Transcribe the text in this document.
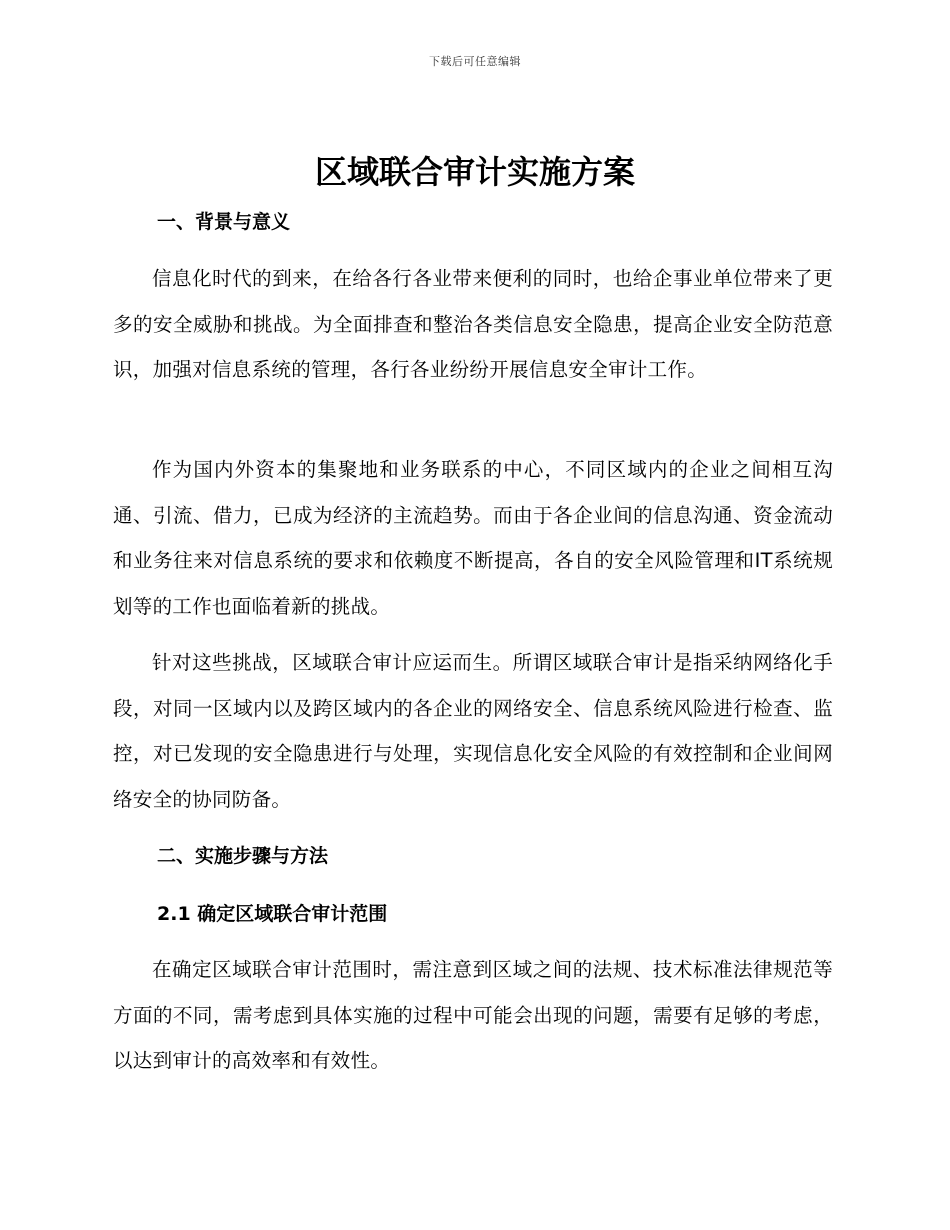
下载后可任意编辑
区域联合审计实施方案
一、背景与意义

信息化时代的到来，在给各行各业带来便利的同时，也给企事业单位带来了更多的安全威胁和挑战。为全面排查和整治各类信息安全隐患，提高企业安全防范意识，加强对信息系统的管理，各行各业纷纷开展信息安全审计工作。

作为国内外资本的集聚地和业务联系的中心，不同区域内的企业之间相互沟通、引流、借力，已成为经济的主流趋势。而由于各企业间的信息沟通、资金流动和业务往来对信息系统的要求和依赖度不断提高，各自的安全风险管理和IT系统规划等的工作也面临着新的挑战。

针对这些挑战，区域联合审计应运而生。所谓区域联合审计是指采纳网络化手段，对同一区域内以及跨区域内的各企业的网络安全、信息系统风险进行检查、监控，对已发现的安全隐患进行与处理，实现信息化安全风险的有效控制和企业间网络安全的协同防备。

二、实施步骤与方法
2.1 确定区域联合审计范围

在确定区域联合审计范围时，需注意到区域之间的法规、技术标准法律规范等方面的不同，需考虑到具体实施的过程中可能会出现的问题，需要有足够的考虑，以达到审计的高效率和有效性。
